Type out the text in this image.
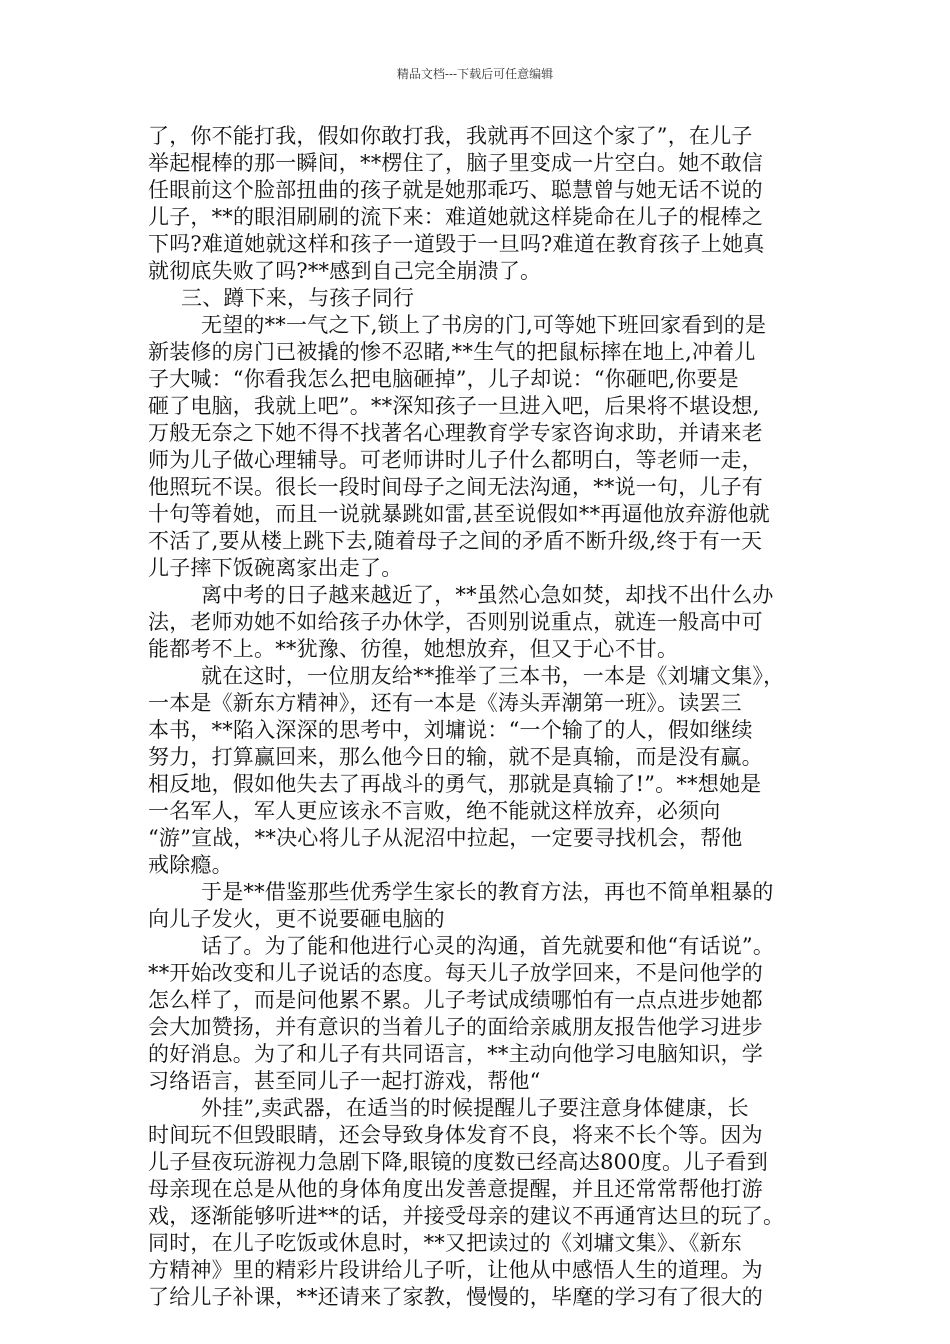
精品文档---下载后可任意编辑
了，你不能打我，假如你敢打我，我就再不回这个家了”，在儿子
举起棍棒的那一瞬间，**楞住了，脑子里变成一片空白。她不敢信
任眼前这个脸部扭曲的孩子就是她那乖巧、聪慧曾与她无话不说的
儿子，**的眼泪刷刷的流下来：难道她就这样毙命在儿子的棍棒之
下吗?难道她就这样和孩子一道毁于一旦吗?难道在教育孩子上她真
就彻底失败了吗?**感到自己完全崩溃了。
三、蹲下来，与孩子同行
无望的**一气之下,锁上了书房的门,可等她下班回家看到的是
新装修的房门已被撬的惨不忍睹,**生气的把鼠标摔在地上,冲着儿
子大喊：“你看我怎么把电脑砸掉”，儿子却说：“你砸吧,你要是
砸了电脑，我就上吧”。**深知孩子一旦进入吧，后果将不堪设想,
万般无奈之下她不得不找著名心理教育学专家咨询求助，并请来老
师为儿子做心理辅导。可老师讲时儿子什么都明白，等老师一走，
他照玩不误。很长一段时间母子之间无法沟通，**说一句，儿子有
十句等着她，而且一说就暴跳如雷,甚至说假如**再逼他放弃游他就
不活了,要从楼上跳下去,随着母子之间的矛盾不断升级,终于有一天
儿子摔下饭碗离家出走了。
离中考的日子越来越近了，**虽然心急如焚，却找不出什么办
法，老师劝她不如给孩子办休学，否则别说重点，就连一般高中可
能都考不上。**犹豫、彷徨，她想放弃，但又于心不甘。
就在这时，一位朋友给**推举了三本书，一本是《刘墉文集》，
一本是《新东方精神》，还有一本是《涛头弄潮第一班》。读罢三
本书，**陷入深深的思考中，刘墉说：“一个输了的人，假如继续
努力，打算赢回来，那么他今日的输，就不是真输，而是没有赢。
相反地，假如他失去了再战斗的勇气，那就是真输了!”。**想她是
一名军人，军人更应该永不言败，绝不能就这样放弃，必须向
“游”宣战，**决心将儿子从泥沼中拉起，一定要寻找机会，帮他
戒除瘾。
于是**借鉴那些优秀学生家长的教育方法，再也不简单粗暴的
向儿子发火，更不说要砸电脑的
话了。为了能和他进行心灵的沟通，首先就要和他“有话说”。
**开始改变和儿子说话的态度。每天儿子放学回来，不是问他学的
怎么样了，而是问他累不累。儿子考试成绩哪怕有一点点进步她都
会大加赞扬，并有意识的当着儿子的面给亲戚朋友报告他学习进步
的好消息。为了和儿子有共同语言，**主动向他学习电脑知识，学
习络语言，甚至同儿子一起打游戏，帮他“
外挂”,卖武器，在适当的时候提醒儿子要注意身体健康，长
时间玩不但毁眼睛，还会导致身体发育不良，将来不长个等。因为
儿子昼夜玩游视力急剧下降,眼镜的度数已经高达800度。儿子看到
母亲现在总是从他的身体角度出发善意提醒，并且还常常帮他打游
戏，逐渐能够听进**的话，并接受母亲的建议不再通宵达旦的玩了。
同时，在儿子吃饭或休息时，**又把读过的《刘墉文集》、《新东
方精神》里的精彩片段讲给儿子听，让他从中感悟人生的道理。为
了给儿子补课，**还请来了家教，慢慢的，毕麾的学习有了很大的
